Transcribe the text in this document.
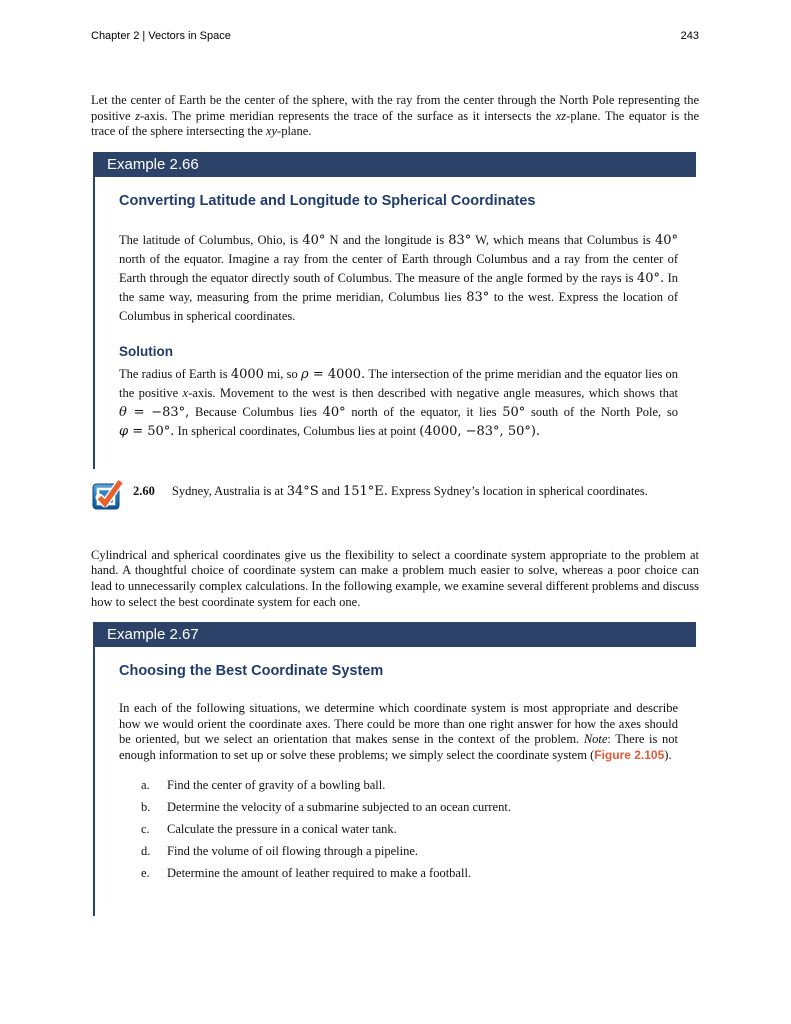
Chapter 2 | Vectors in Space	243

Let the center of Earth be the center of the sphere, with the ray from the center through the North Pole representing the positive z-axis. The prime meridian represents the trace of the surface as it intersects the xz-plane. The equator is the trace of the sphere intersecting the xy-plane.

Example 2.66
Converting Latitude and Longitude to Spherical Coordinates

The latitude of Columbus, Ohio, is 40° N and the longitude is 83° W, which means that Columbus is 40° north of the equator. Imagine a ray from the center of Earth through Columbus and a ray from the center of Earth through the equator directly south of Columbus. The measure of the angle formed by the rays is 40°. In the same way, measuring from the prime meridian, Columbus lies 83° to the west. Express the location of Columbus in spherical coordinates.

Solution

The radius of Earth is 4000 mi, so ρ = 4000. The intersection of the prime meridian and the equator lies on the positive x-axis. Movement to the west is then described with negative angle measures, which shows that θ = −83°, Because Columbus lies 40° north of the equator, it lies 50° south of the North Pole, so φ = 50°. In spherical coordinates, Columbus lies at point (4000, −83°, 50°).

2.60 Sydney, Australia is at 34°S and 151°E. Express Sydney’s location in spherical coordinates.

Cylindrical and spherical coordinates give us the flexibility to select a coordinate system appropriate to the problem at hand. A thoughtful choice of coordinate system can make a problem much easier to solve, whereas a poor choice can lead to unnecessarily complex calculations. In the following example, we examine several different problems and discuss how to select the best coordinate system for each one.

Example 2.67
Choosing the Best Coordinate System

In each of the following situations, we determine which coordinate system is most appropriate and describe how we would orient the coordinate axes. There could be more than one right answer for how the axes should be oriented, but we select an orientation that makes sense in the context of the problem. Note: There is not enough information to set up or solve these problems; we simply select the coordinate system (Figure 2.105).

a.	Find the center of gravity of a bowling ball.
b.	Determine the velocity of a submarine subjected to an ocean current.
c.	Calculate the pressure in a conical water tank.
d.	Find the volume of oil flowing through a pipeline.
e.	Determine the amount of leather required to make a football.
